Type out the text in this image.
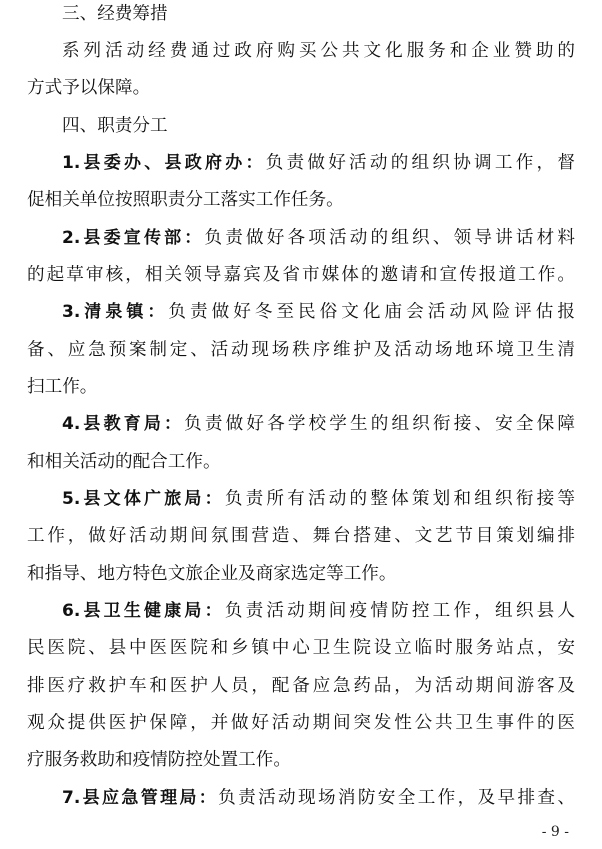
三、经费筹措
系列活动经费通过政府购买公共文化服务和企业赞助的
方式予以保障。
四、职责分工
1.县委办、县政府办：负责做好活动的组织协调工作，督
促相关单位按照职责分工落实工作任务。
2.县委宣传部：负责做好各项活动的组织、领导讲话材料
的起草审核，相关领导嘉宾及省市媒体的邀请和宣传报道工作。
3.清泉镇：负责做好冬至民俗文化庙会活动风险评估报
备、应急预案制定、活动现场秩序维护及活动场地环境卫生清
扫工作。
4.县教育局：负责做好各学校学生的组织衔接、安全保障
和相关活动的配合工作。
5.县文体广旅局：负责所有活动的整体策划和组织衔接等
工作，做好活动期间氛围营造、舞台搭建、文艺节目策划编排
和指导、地方特色文旅企业及商家选定等工作。
6.县卫生健康局：负责活动期间疫情防控工作，组织县人
民医院、县中医医院和乡镇中心卫生院设立临时服务站点，安
排医疗救护车和医护人员，配备应急药品，为活动期间游客及
观众提供医护保障，并做好活动期间突发性公共卫生事件的医
疗服务救助和疫情防控处置工作。
7.县应急管理局：负责活动现场消防安全工作，及早排查、
- 9 -
